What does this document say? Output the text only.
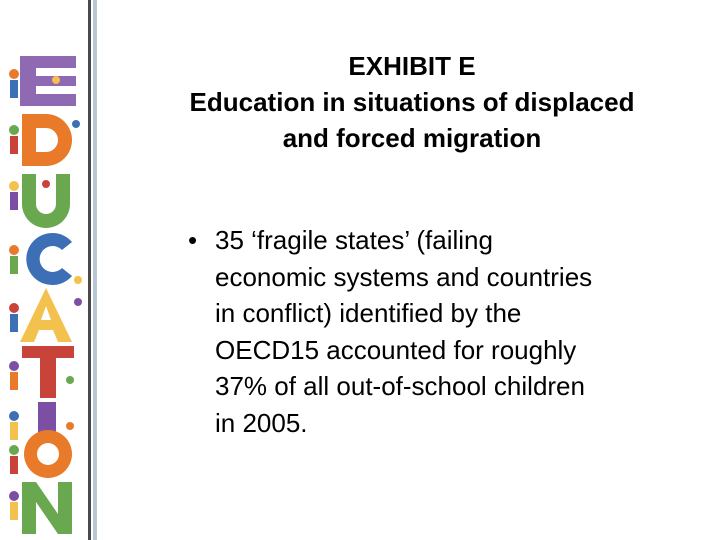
EXHIBIT E
Education in situations of displaced
and forced migration
• 35 ‘fragile states’ (failing
economic systems and countries
in conflict) identified by the
OECD15 accounted for roughly
37% of all out-of-school children
in 2005.
